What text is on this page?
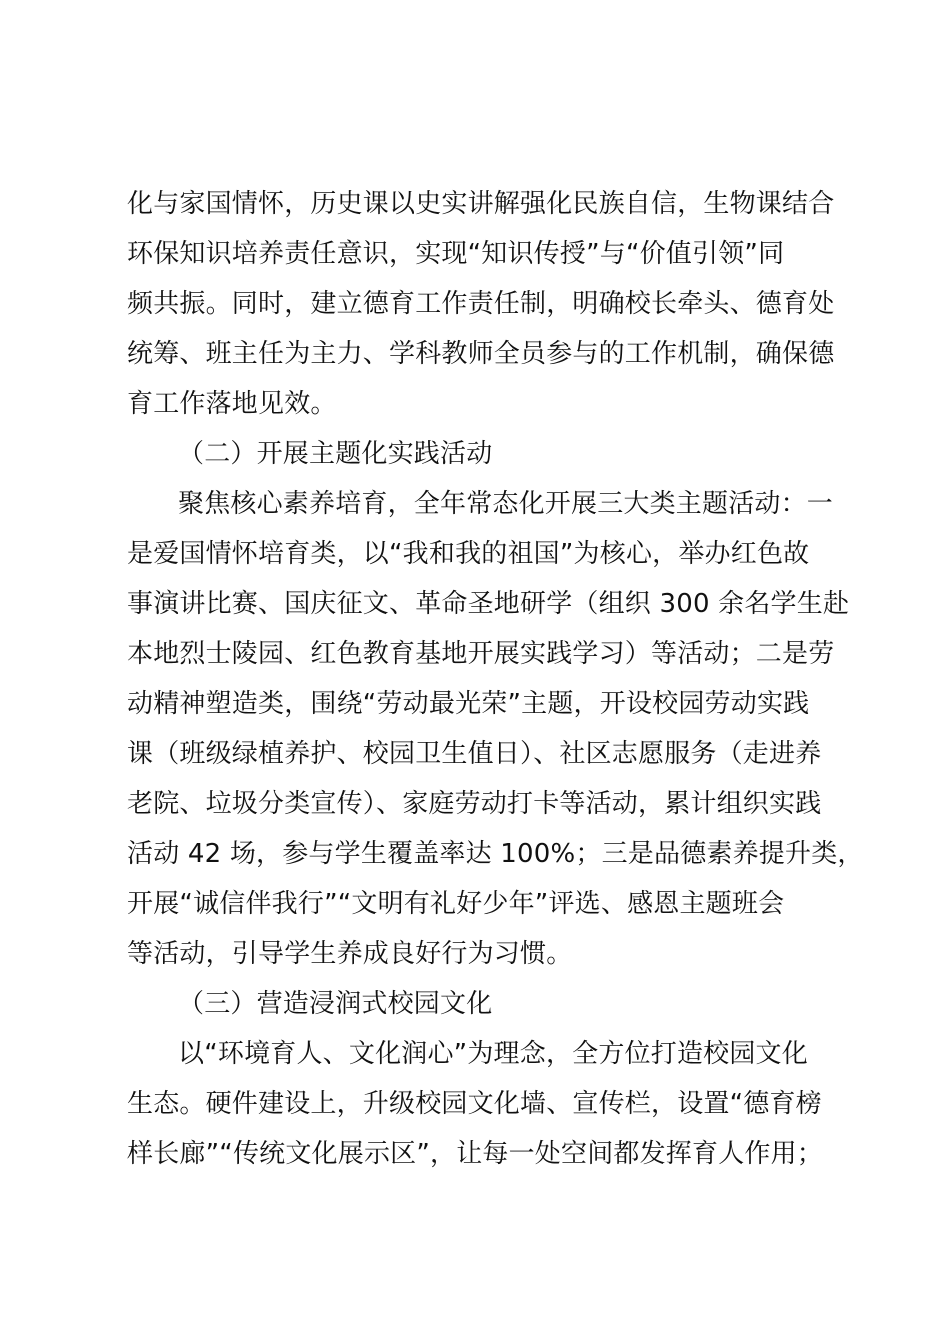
化与家国情怀，历史课以史实讲解强化民族自信，生物课结合
环保知识培养责任意识，实现“知识传授”与“价值引领”同
频共振。同时，建立德育工作责任制，明确校长牵头、德育处
统筹、班主任为主力、学科教师全员参与的工作机制，确保德
育工作落地见效。
（二）开展主题化实践活动
聚焦核心素养培育，全年常态化开展三大类主题活动：一
是爱国情怀培育类，以“我和我的祖国”为核心，举办红色故
事演讲比赛、国庆征文、革命圣地研学（组织 300 余名学生赴
本地烈士陵园、红色教育基地开展实践学习）等活动；二是劳
动精神塑造类，围绕“劳动最光荣”主题，开设校园劳动实践
课（班级绿植养护、校园卫生值日）、社区志愿服务（走进养
老院、垃圾分类宣传）、家庭劳动打卡等活动，累计组织实践
活动 42 场，参与学生覆盖率达 100%；三是品德素养提升类，
开展“诚信伴我行”“文明有礼好少年”评选、感恩主题班会
等活动，引导学生养成良好行为习惯。
（三）营造浸润式校园文化
以“环境育人、文化润心”为理念，全方位打造校园文化
生态。硬件建设上，升级校园文化墙、宣传栏，设置“德育榜
样长廊”“传统文化展示区”，让每一处空间都发挥育人作用；
